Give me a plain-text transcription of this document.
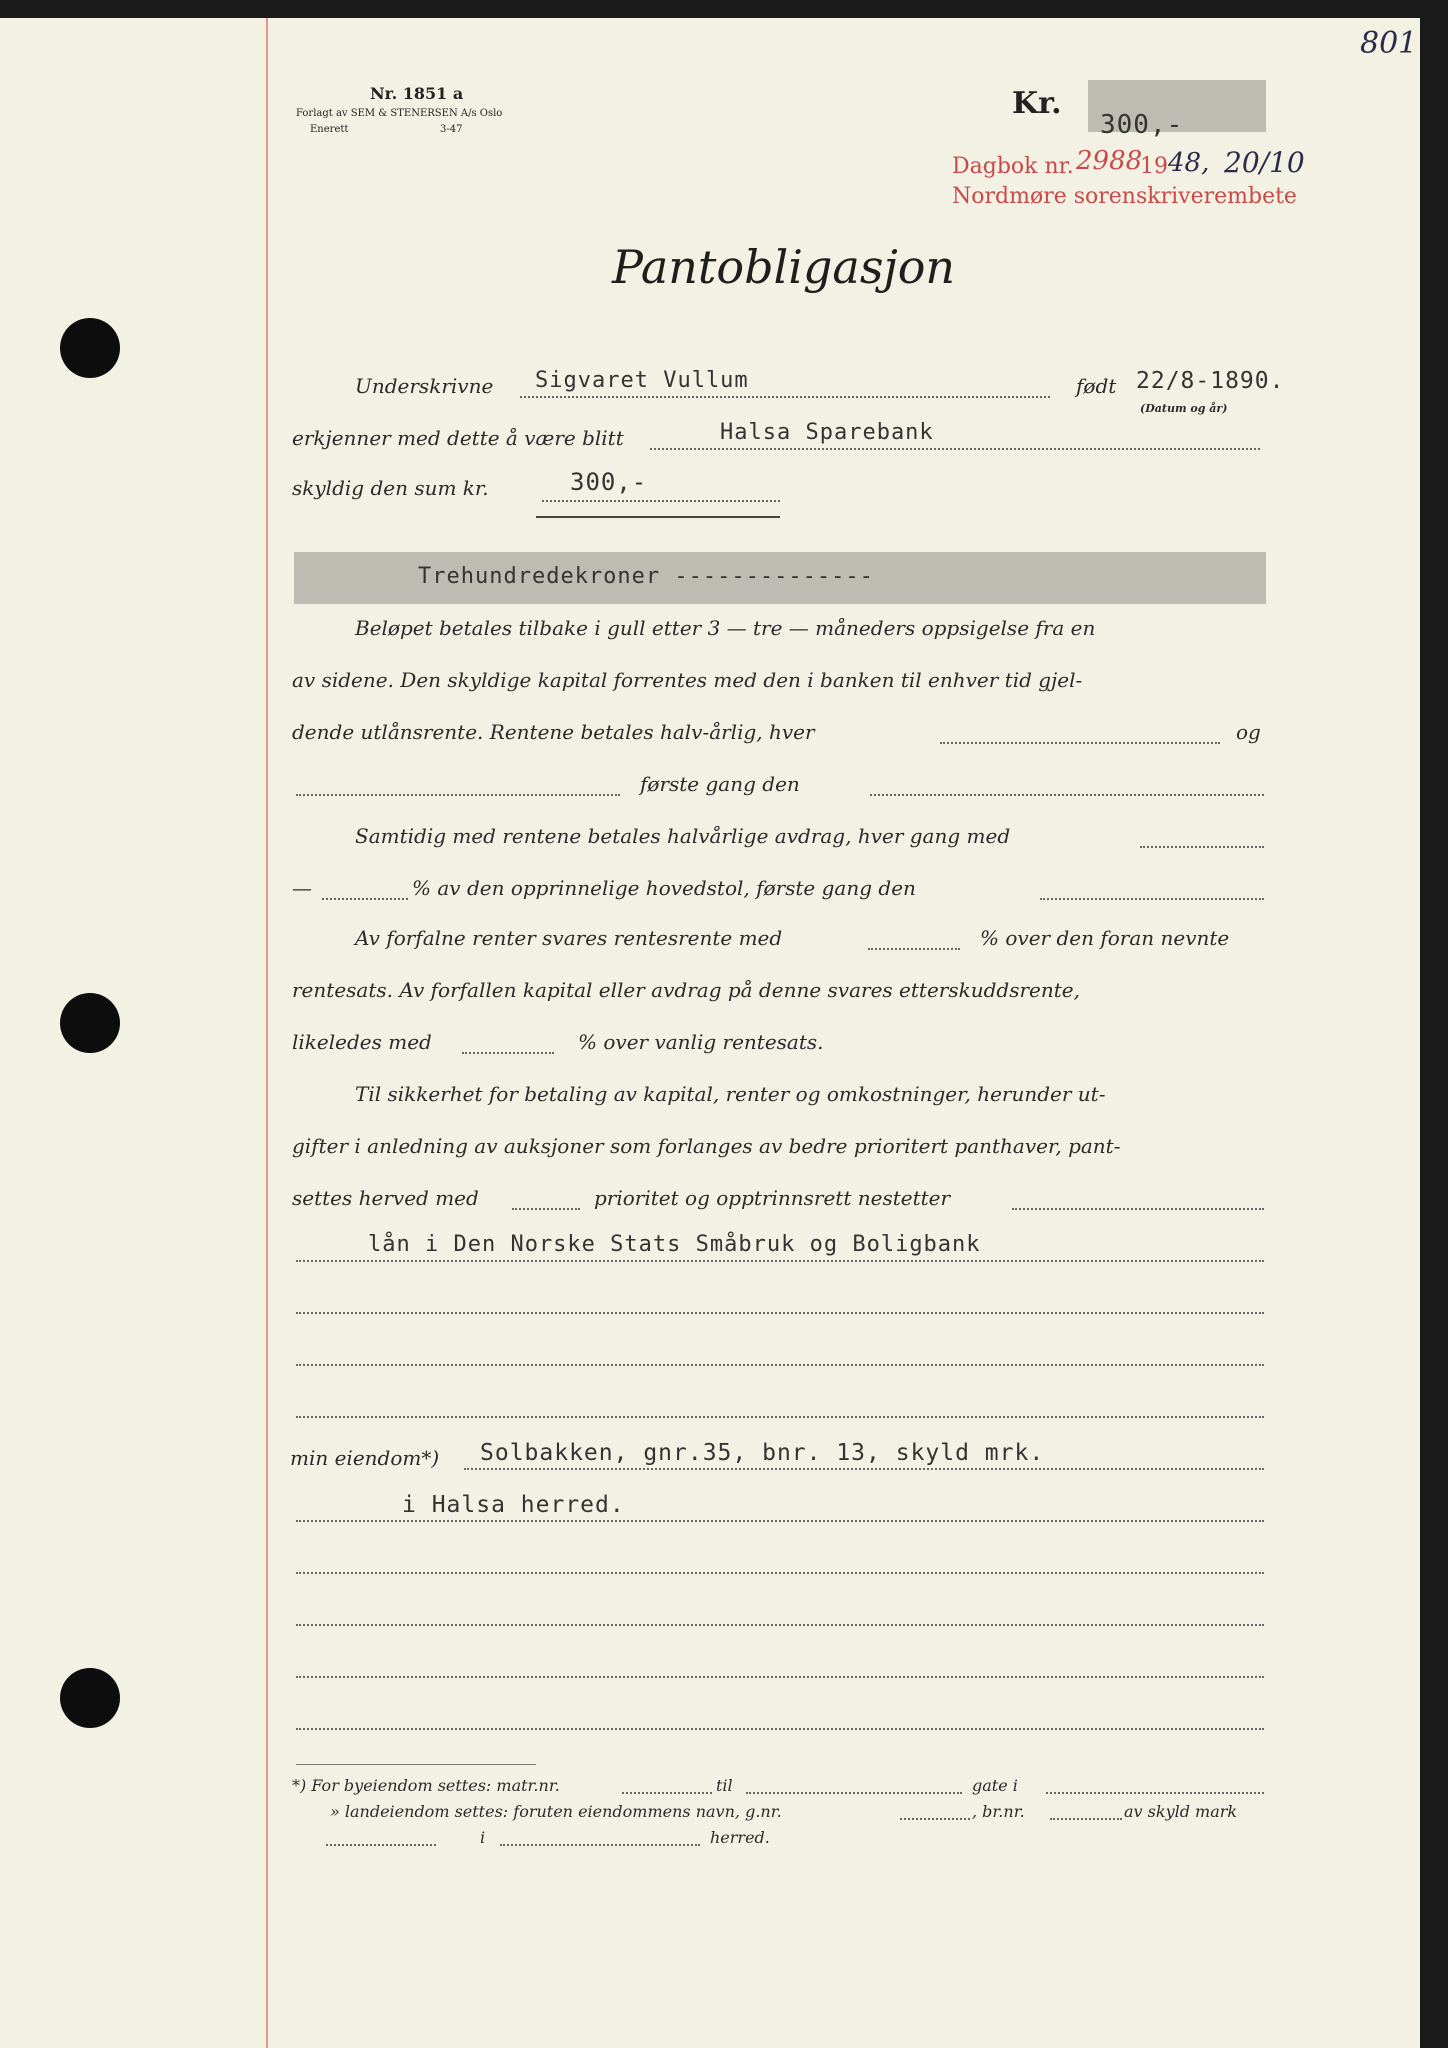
801
Nr. 1851 a
Forlagt av SEM & STENERSEN A/s Oslo
Enerett	3-47
Kr.
300,-
Dagbok nr. 2988
19 48, 20/10
Nordmøre sorenskriverembete
Pantobligasjon
Underskrivne Sigvaret Vullum	født 22/8-1890.
(Datum og år)
erkjenner med dette å være blitt	Halsa Sparebank
skyldig den sum kr.	300,-
Trehundredekroner --------------
Beløpet betales tilbake i gull etter 3 — tre — måneders oppsigelse fra en
av sidene. Den skyldige kapital forrentes med den i banken til enhver tid gjel-
dende utlånsrente. Rentene betales halv-årlig, hver	og
første gang den
Samtidig med rentene betales halvårlige avdrag, hver gang med
—	% av den opprinnelige hovedstol, første gang den
Av forfalne renter svares rentesrente med	% over den foran nevnte
rentesats. Av forfallen kapital eller avdrag på denne svares etterskuddsrente,
likeledes med	% over vanlig rentesats.
Til sikkerhet for betaling av kapital, renter og omkostninger, herunder ut-
gifter i anledning av auksjoner som forlanges av bedre prioritert panthaver, pant-
settes herved med	prioritet og opptrinnsrett nestetter
lån i Den Norske Stats Småbruk og Boligbank
min eiendom*) Solbakken, gnr.35, bnr. 13, skyld mrk.
i Halsa herred.
*) For byeiendom settes: matr.nr.	til	gate i
» landeiendom settes: foruten eiendommens navn, g.nr.	, br.nr.	av skyld mark
i	herred.
